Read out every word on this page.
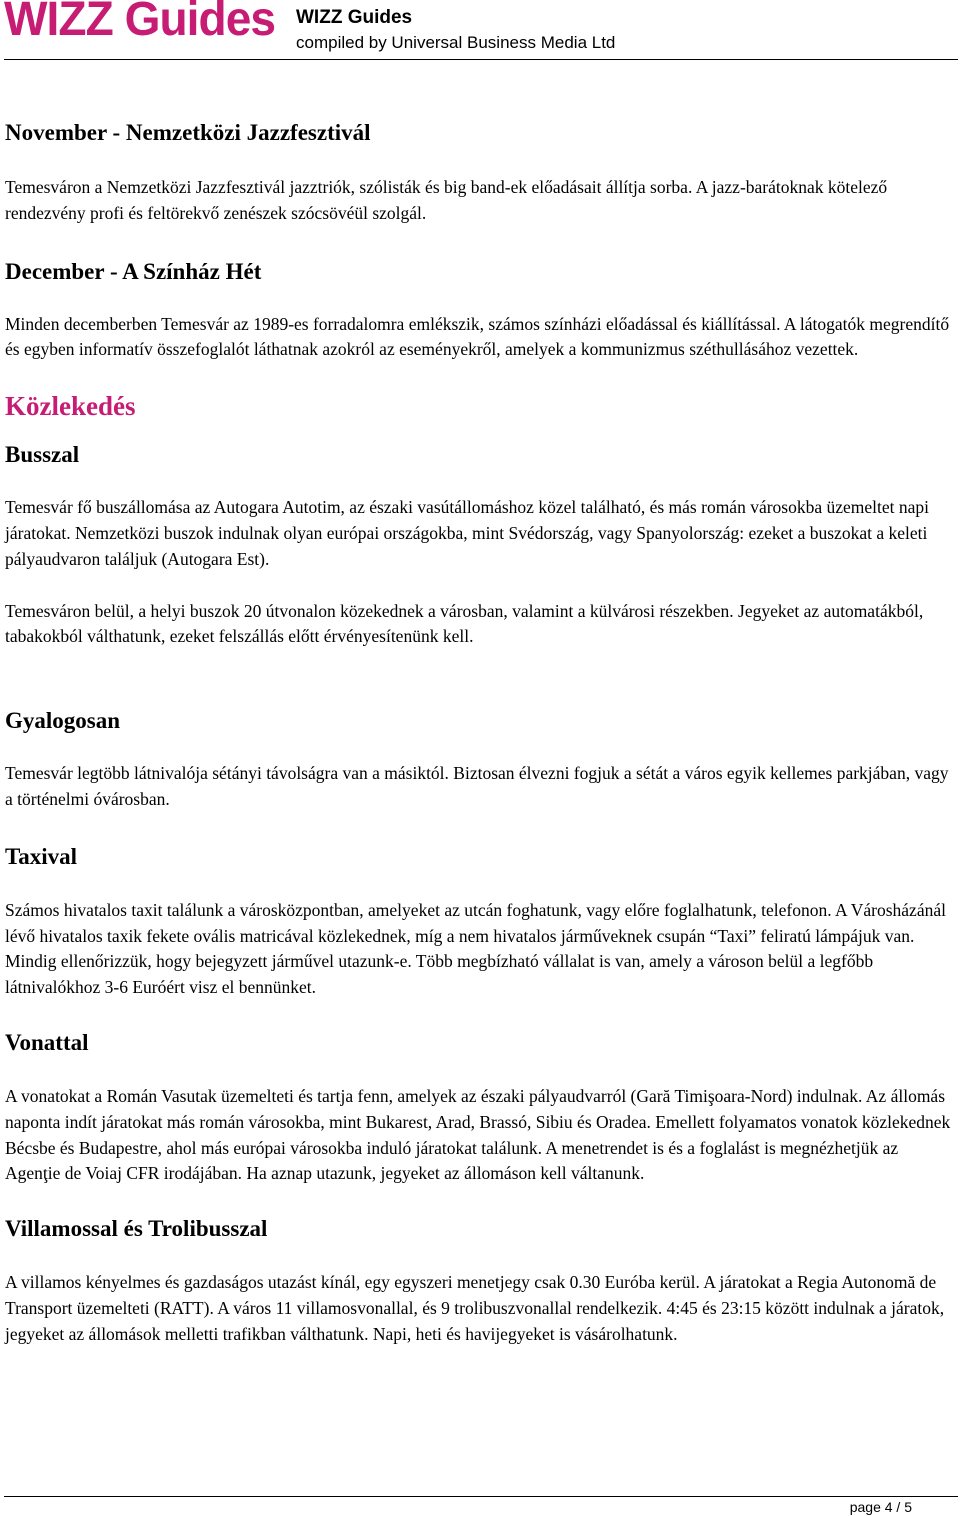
WIZZ Guides WIZZ Guides
compiled by Universal Business Media Ltd
November - Nemzetközi Jazzfesztivál

Temesváron a Nemzetközi Jazzfesztivál jazztriók, szólisták és big band-ek előadásait állítja sorba. A jazz-barátoknak kötelező rendezvény profi és feltörekvő zenészek szócsövéül szolgál.

December - A Színház Hét

Minden decemberben Temesvár az 1989-es forradalomra emlékszik, számos színházi előadással és kiállítással. A látogatók megrendítő és egyben informatív összefoglalót láthatnak azokról az eseményekről, amelyek a kommunizmus széthullásához vezettek.

Közlekedés
Busszal

Temesvár fő buszállomása az Autogara Autotim, az északi vasútállomáshoz közel található, és más román városokba üzemeltet napi járatokat. Nemzetközi buszok indulnak olyan európai országokba, mint Svédország, vagy Spanyolország: ezeket a buszokat a keleti pályaudvaron találjuk (Autogara Est).

Temesváron belül, a helyi buszok 20 útvonalon közekednek a városban, valamint a külvárosi részekben. Jegyeket az automatákból, tabakokból válthatunk, ezeket felszállás előtt érvényesítenünk kell.

Gyalogosan

Temesvár legtöbb látnivalója sétányi távolságra van a másiktól. Biztosan élvezni fogjuk a sétát a város egyik kellemes parkjában, vagy a történelmi óvárosban.

Taxival

Számos hivatalos taxit találunk a városközpontban, amelyeket az utcán foghatunk, vagy előre foglalhatunk, telefonon. A Városházánál lévő hivatalos taxik fekete ovális matricával közlekednek, míg a nem hivatalos járműveknek csupán “Taxi” feliratú lámpájuk van. Mindig ellenőrizzük, hogy bejegyzett járművel utazunk-e. Több megbízható vállalat is van, amely a városon belül a legfőbb látnivalókhoz 3-6 Euróért visz el bennünket.

Vonattal

A vonatokat a Román Vasutak üzemelteti és tartja fenn, amelyek az északi pályaudvarról (Gară Timişoara-Nord) indulnak. Az állomás naponta indít járatokat más román városokba, mint Bukarest, Arad, Brassó, Sibiu és Oradea. Emellett folyamatos vonatok közlekednek Bécsbe és Budapestre, ahol más európai városokba induló járatokat találunk. A menetrendet is és a foglalást is megnézhetjük az Agenţie de Voiaj CFR irodájában. Ha aznap utazunk, jegyeket az állomáson kell váltanunk.

Villamossal és Trolibusszal

A villamos kényelmes és gazdaságos utazást kínál, egy egyszeri menetjegy csak 0.30 Euróba kerül. A járatokat a Regia Autonomă de Transport üzemelteti (RATT). A város 11 villamosvonallal, és 9 trolibuszvonallal rendelkezik. 4:45 és 23:15 között indulnak a járatok, jegyeket az állomások melletti trafikban válthatunk. Napi, heti és havijegyeket is vásárolhatunk.

page 4 / 5
